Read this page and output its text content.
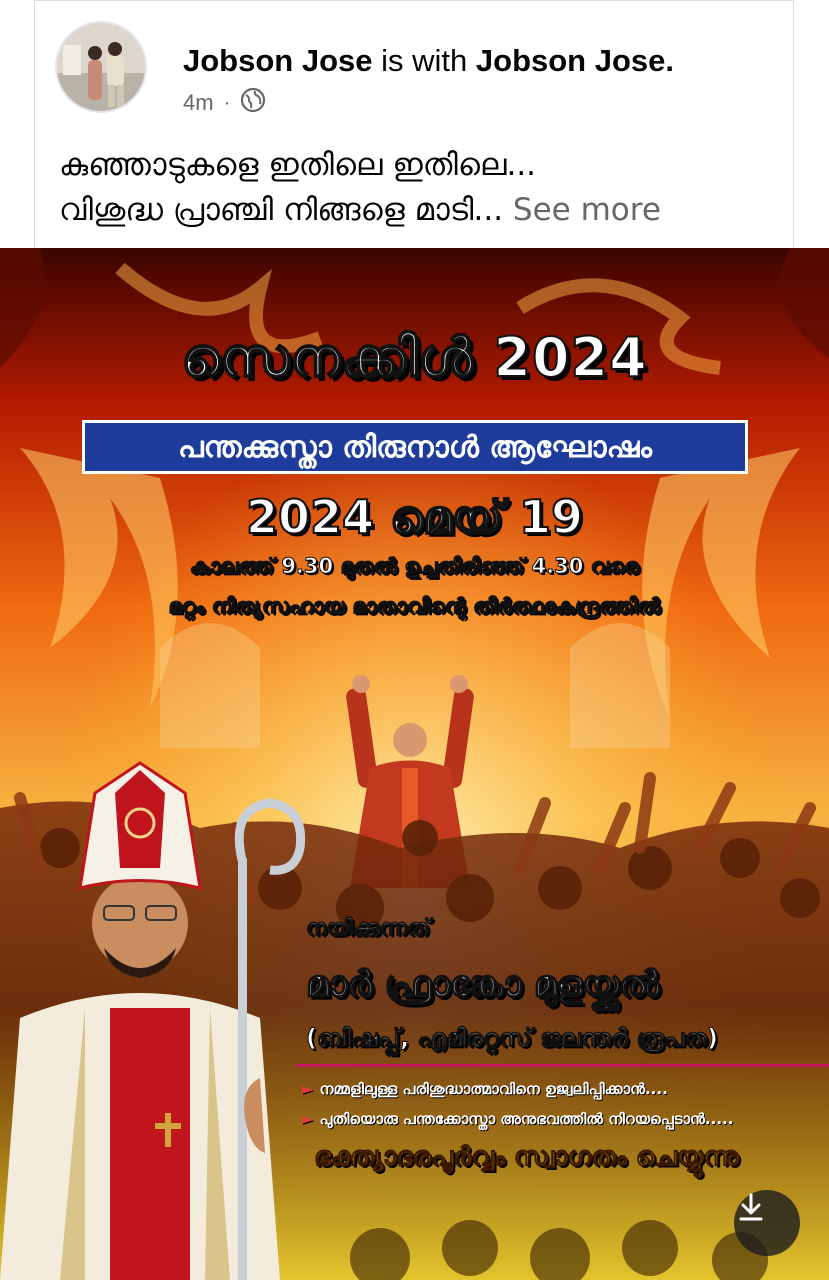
Jobson Jose is with Jobson Jose.
4m ·
കുഞ്ഞാടുകളെ ഇതിലെ ഇതിലെ...
വിശുദ്ധ പ്രാഞ്ചി നിങ്ങളെ മാടി... See more
സെനക്കിൾ 2024
പന്തക്കുസ്താ തിരുനാൾ ആഘോഷം
2024 മെയ് 19
കാലത്ത് 9.30 മുതൽ ഉച്ചതിരിഞ്ഞ് 4.30 വരെ
മറ്റം നിത്യസഹായ മാതാവിന്റെ തീർത്ഥകേന്ദ്രത്തിൽ
നയിക്കുന്നത്
മാർ ഫ്രാങ്കോ മുളയ്ക്കൽ
(ബിഷപ്പ്, എമിരറ്റസ് ജലന്തർ രൂപത)
► നമ്മളിലുള്ള പരിശുദ്ധാത്മാവിനെ ഉജ്വലിപ്പിക്കാൻ....
► പുതിയൊരു പന്തക്കോസ്താ അനുഭവത്തിൽ നിറയപ്പെടാൻ.....
ഭക്ത്യാദരപൂർവ്വം സ്വാഗതം ചെയ്യുന്നു
